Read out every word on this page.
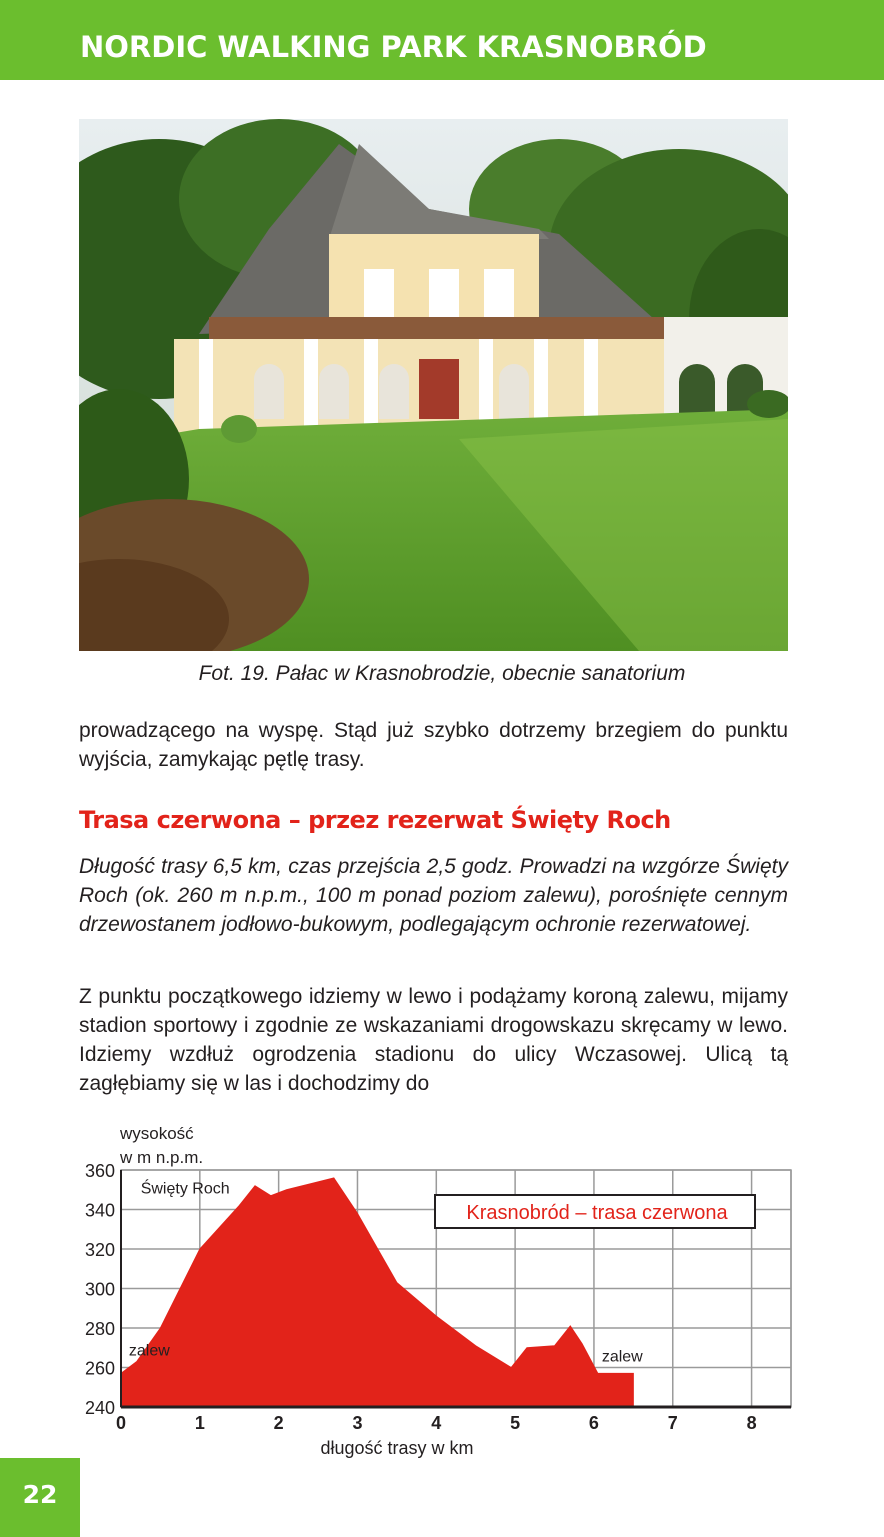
NORDIC WALKING PARK KRASNOBRÓD
Fot. 19. Pałac w Krasnobrodzie, obecnie sanatorium
prowadzącego na wyspę. Stąd już szybko dotrzemy brzegiem do punktu wyjścia, zamykając pętlę trasy.
Trasa czerwona – przez rezerwat Święty Roch
Długość trasy 6,5 km, czas przejścia 2,5 godz. Prowadzi na wzgórze Święty Roch (ok. 260 m n.p.m., 100 m ponad poziom zalewu), porośnięte cennym drzewostanem jodłowo-bukowym, podlegającym ochronie rezerwatowej.
Z punktu początkowego idziemy w lewo i podążamy koroną zalewu, mijamy stadion sportowy i zgodnie ze wskazaniami drogowskazu skręcamy w lewo. Idziemy wzdłuż ogrodzenia stadionu do ulicy Wczasowej. Ulicą tą zagłębiamy się w las i dochodzimy do
240
260
280
300
320
340
360
0	1	2	3	4	5	6	7	8
wysokość
w m n.p.m.
długość trasy w km
Krasnobród – trasa czerwona
Święty Roch
zalew	zalew
22
